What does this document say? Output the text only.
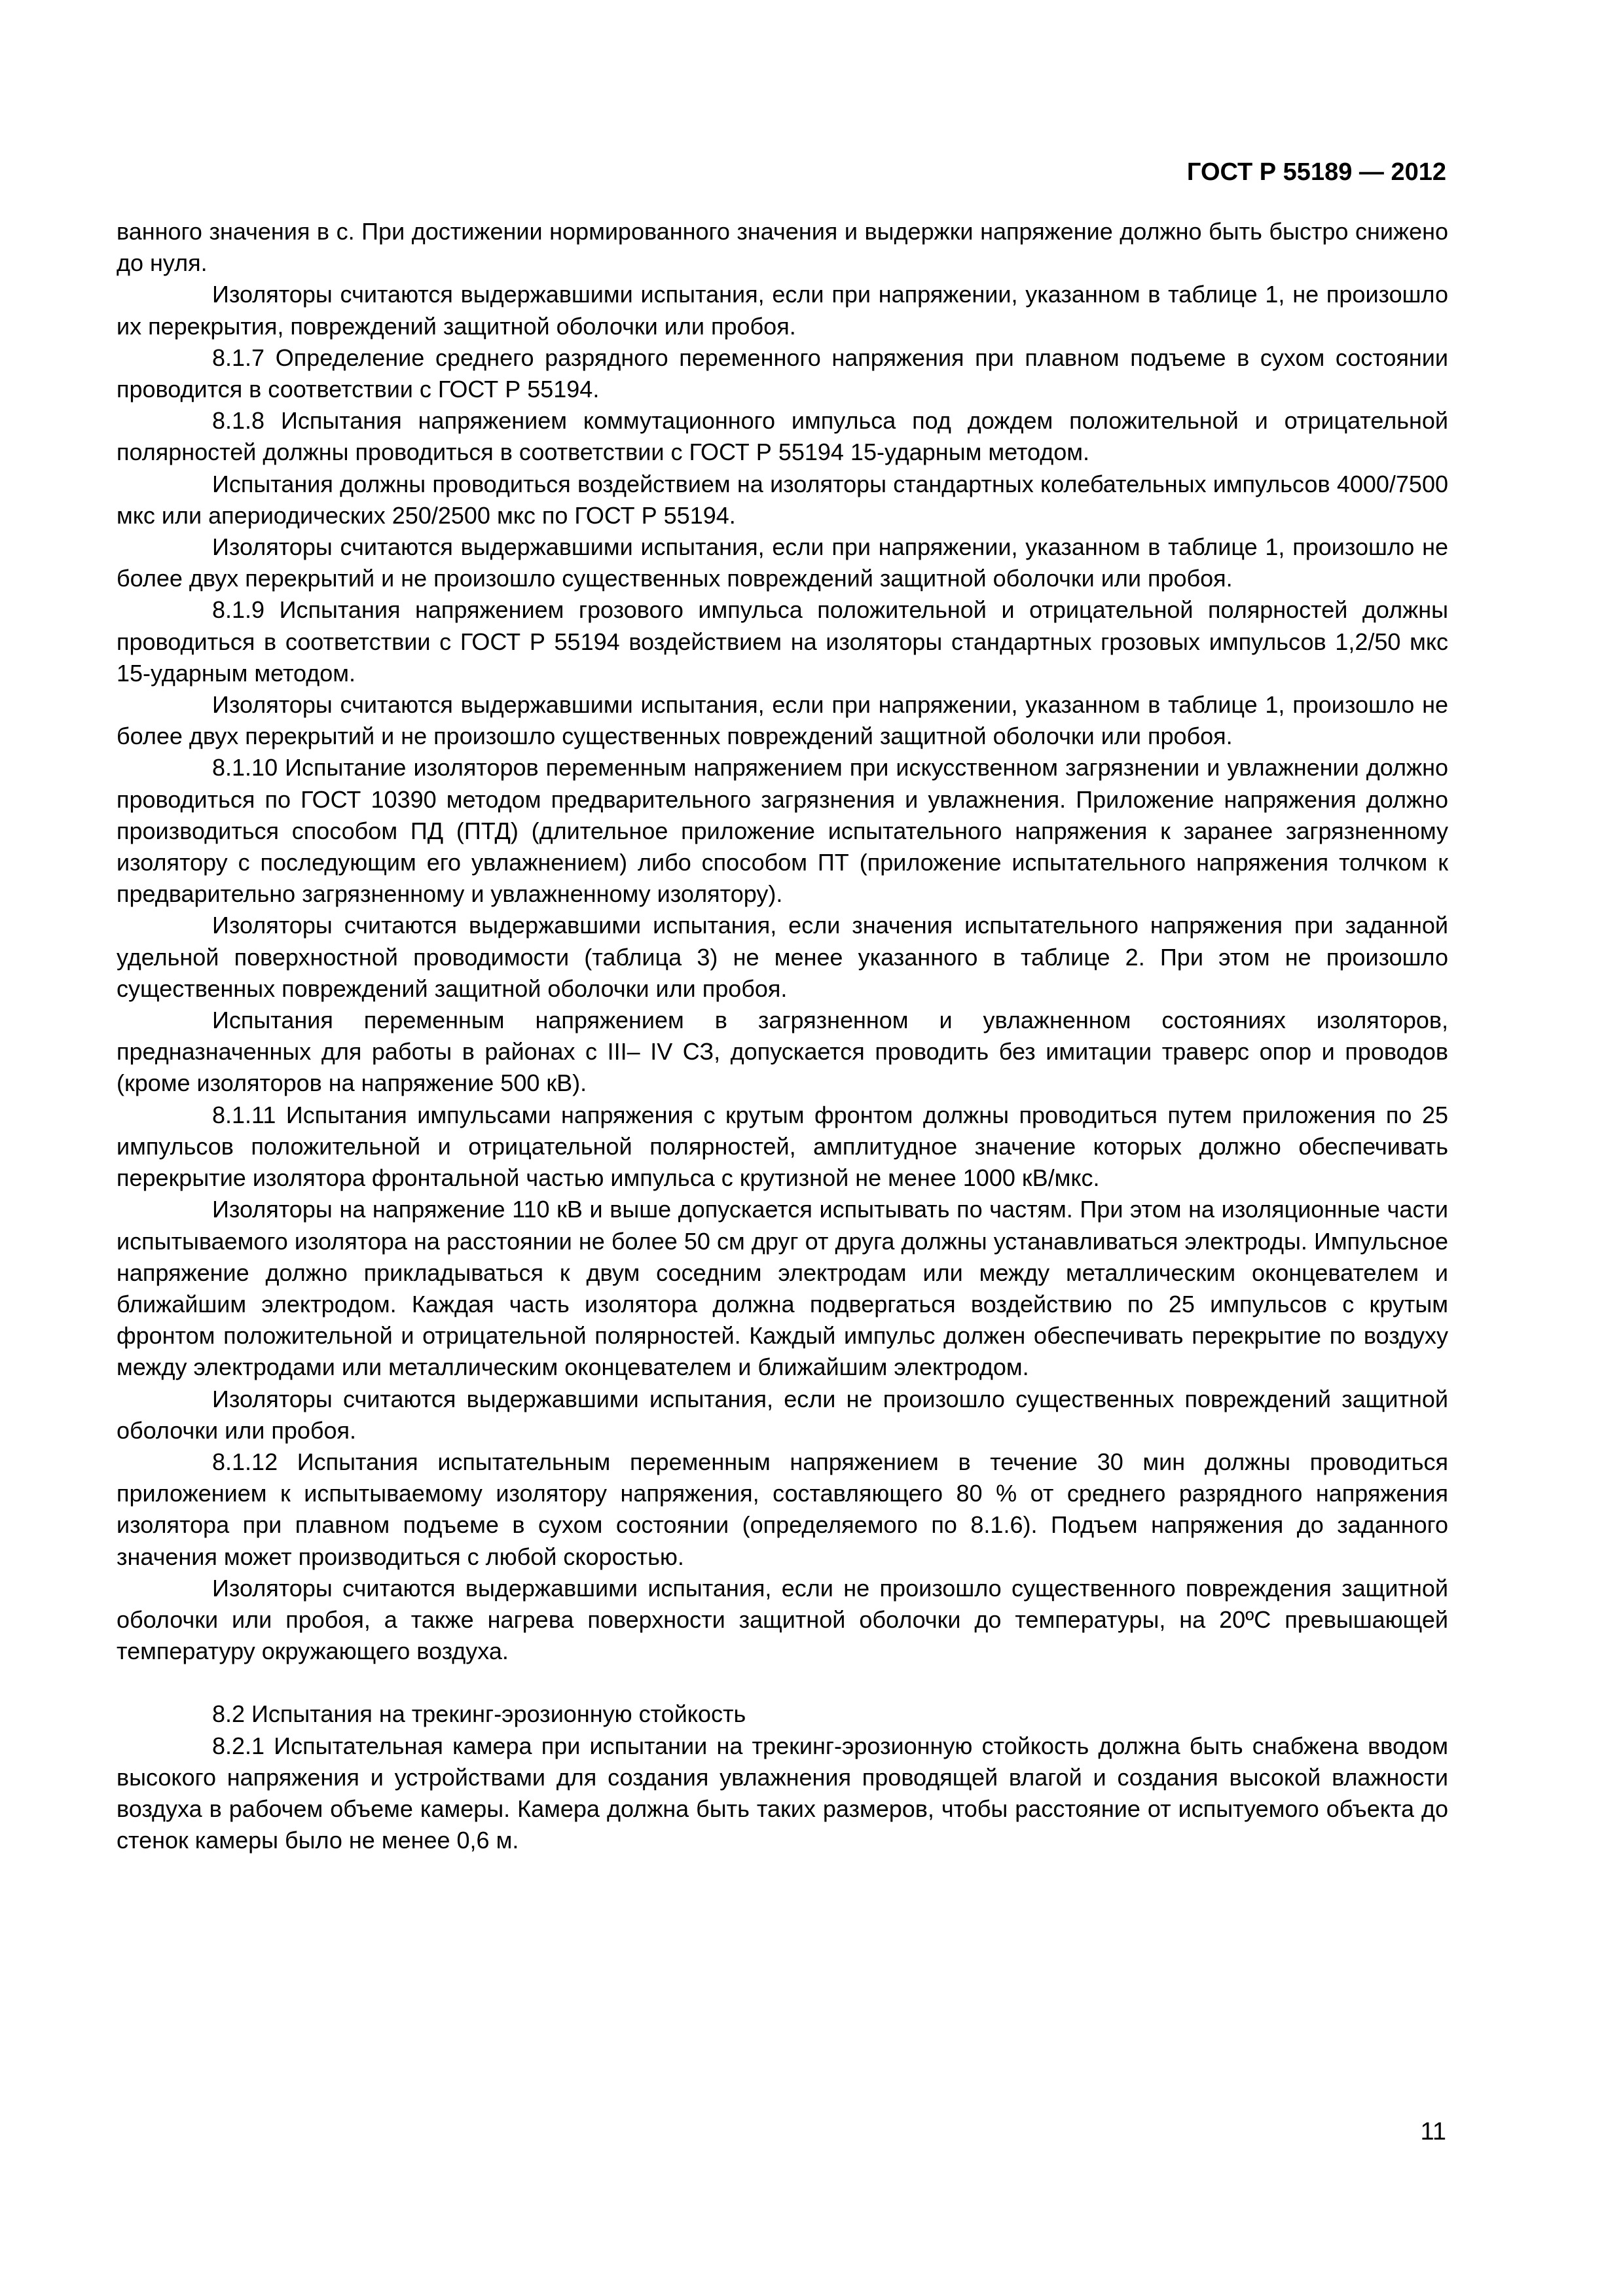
ГОСТ Р 55189 — 2012

ванного значения в с. При достижении нормированного значения и выдержки напряжение должно быть быстро снижено до нуля.

Изоляторы считаются выдержавшими испытания, если при напряжении, указанном в таблице 1, не произошло их перекрытия, повреждений защитной оболочки или пробоя.

8.1.7 Определение среднего разрядного переменного напряжения при плавном подъеме в сухом состоянии проводится в соответствии с ГОСТ Р 55194.

8.1.8 Испытания напряжением коммутационного импульса под дождем положительной и отрицательной полярностей должны проводиться в соответствии с ГОСТ Р 55194 15-ударным методом.

Испытания должны проводиться воздействием на изоляторы стандартных колебательных импульсов 4000/7500 мкс или апериодических 250/2500 мкс по ГОСТ Р 55194.

Изоляторы считаются выдержавшими испытания, если при напряжении, указанном в таблице 1, произошло не более двух перекрытий и не произошло существенных повреждений защитной оболочки или пробоя.

8.1.9 Испытания напряжением грозового импульса положительной и отрицательной полярностей должны проводиться в соответствии с ГОСТ Р 55194 воздействием на изоляторы стандартных грозовых импульсов 1,2/50 мкс 15-ударным методом.

Изоляторы считаются выдержавшими испытания, если при напряжении, указанном в таблице 1, произошло не более двух перекрытий и не произошло существенных повреждений защитной оболочки или пробоя.

8.1.10 Испытание изоляторов переменным напряжением при искусственном загрязнении и увлажнении должно проводиться по ГОСТ 10390 методом предварительного загрязнения и увлажнения. Приложение напряжения должно производиться способом ПД (ПТД) (длительное приложение испытательного напряжения к заранее загрязненному изолятору с последующим его увлажнением) либо способом ПТ (приложение испытательного напряжения толчком к предварительно загрязненному и увлажненному изолятору).

Изоляторы считаются выдержавшими испытания, если значения испытательного напряжения при заданной удельной поверхностной проводимости (таблица 3) не менее указанного в таблице 2. При этом не произошло существенных повреждений защитной оболочки или пробоя.

Испытания переменным напряжением в загрязненном и увлажненном состояниях изоляторов, предназначенных для работы в районах с III– IV СЗ, допускается проводить без имитации траверс опор и проводов (кроме изоляторов на напряжение 500 кВ).

8.1.11 Испытания импульсами напряжения с крутым фронтом должны проводиться путем приложения по 25 импульсов положительной и отрицательной полярностей, амплитудное значение которых должно обеспечивать перекрытие изолятора фронтальной частью импульса с крутизной не менее 1000 кВ/мкс.

Изоляторы на напряжение 110 кВ и выше допускается испытывать по частям. При этом на изоляционные части испытываемого изолятора на расстоянии не более 50 см друг от друга должны устанавливаться электроды. Импульсное напряжение должно прикладываться к двум соседним электродам или между металлическим оконцевателем и ближайшим электродом. Каждая часть изолятора должна подвергаться воздействию по 25 импульсов с крутым фронтом положительной и отрицательной полярностей. Каждый импульс должен обеспечивать перекрытие по воздуху между электродами или металлическим оконцевателем и ближайшим электродом.

Изоляторы считаются выдержавшими испытания, если не произошло существенных повреждений защитной оболочки или пробоя.

8.1.12 Испытания испытательным переменным напряжением в течение 30 мин должны проводиться приложением к испытываемому изолятору напряжения, составляющего 80 % от среднего разрядного напряжения изолятора при плавном подъеме в сухом состоянии (определяемого по 8.1.6). Подъем напряжения до заданного значения может производиться с любой скоростью.

Изоляторы считаются выдержавшими испытания, если не произошло существенного повреждения защитной оболочки или пробоя, а также нагрева поверхности защитной оболочки до температуры, на 20ºС превышающей температуру окружающего воздуха.

8.2 Испытания на трекинг-эрозионную стойкость

8.2.1 Испытательная камера при испытании на трекинг-эрозионную стойкость должна быть снабжена вводом высокого напряжения и устройствами для создания увлажнения проводящей влагой и создания высокой влажности воздуха в рабочем объеме камеры. Камера должна быть таких размеров, чтобы расстояние от испытуемого объекта до стенок камеры было не менее 0,6 м.

11
